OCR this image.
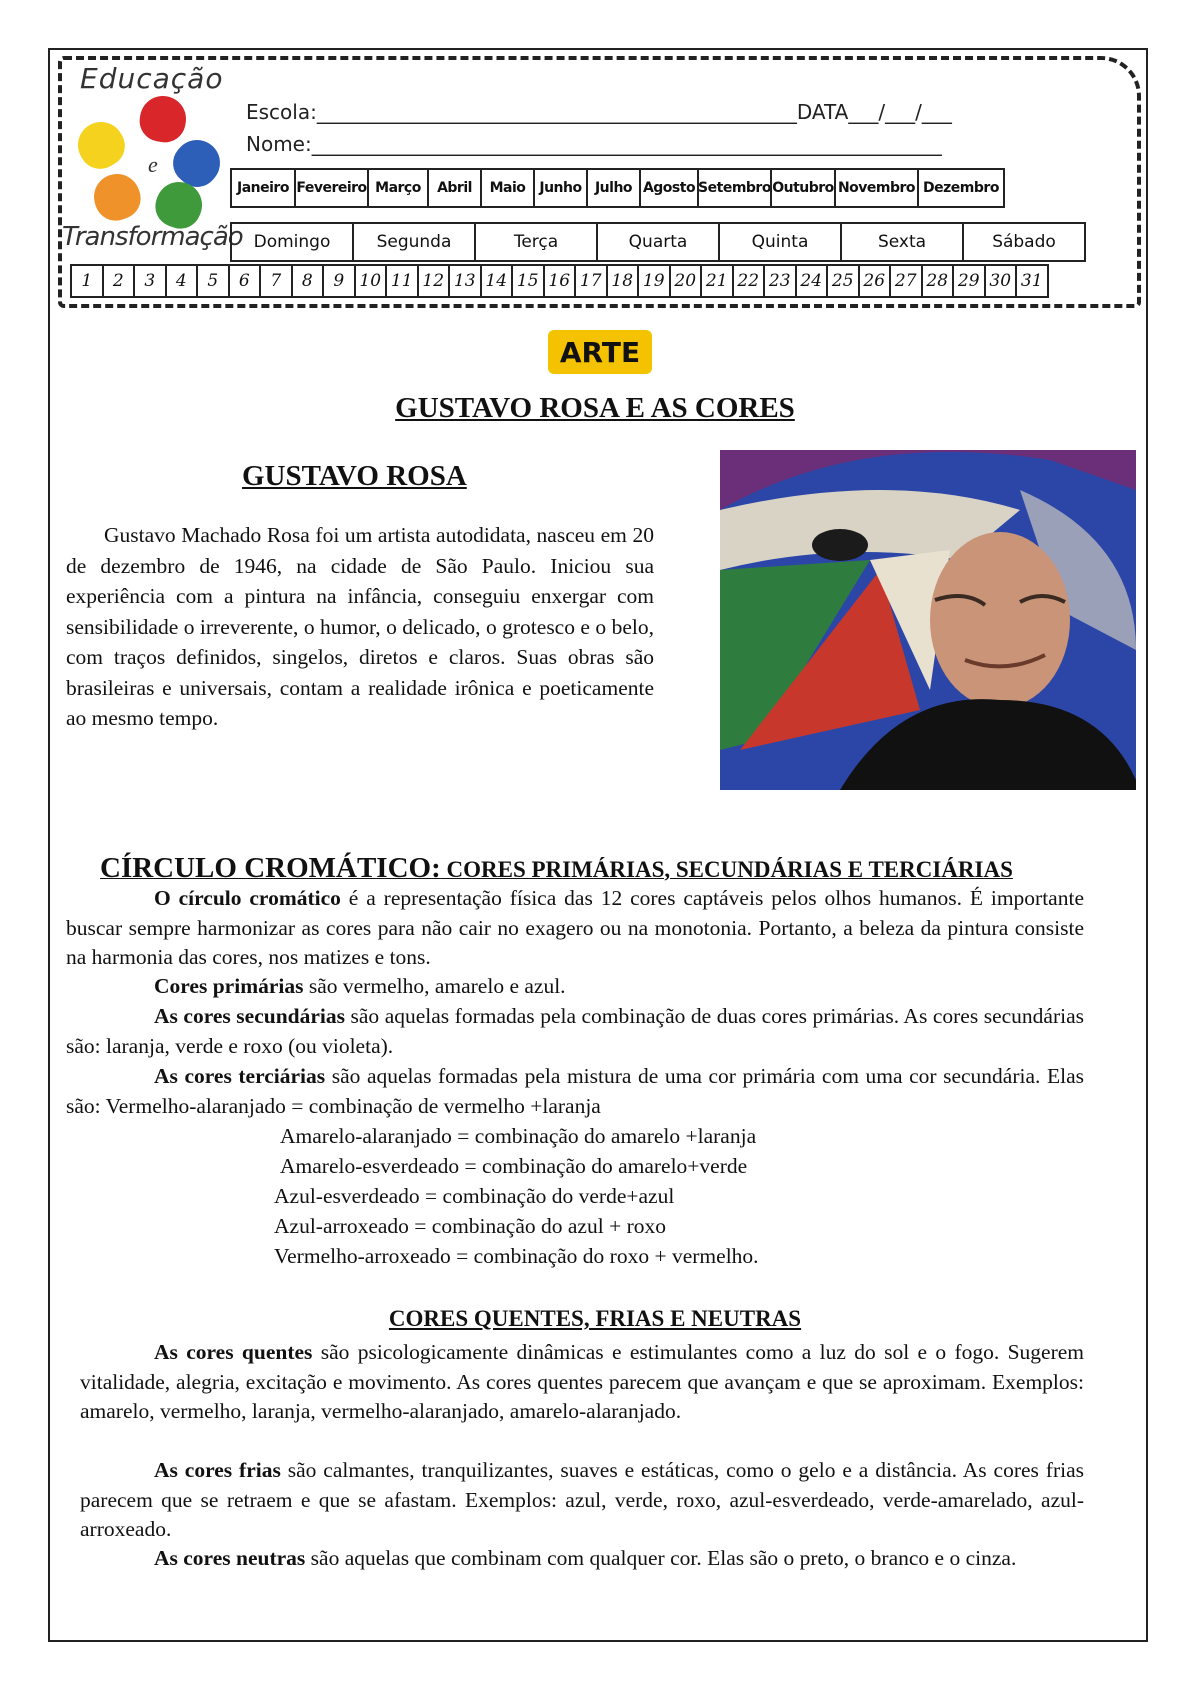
Educação
e
Transformação
Escola:________________________________________________DATA___/___/___
Nome:_______________________________________________________________
Janeiro Fevereiro Março	Abril	Maio Junho Julho Agosto Setembro Outubro Novembro Dezembro
Domingo	Segunda	Terça	Quarta	Quinta	Sexta	Sábado
1	2	3	4	5	6	7	8	9 10 11 12 13 14 15 16 17 18 19 20 21 22 23 24 25 26 27 28 29 30 31
ARTE
GUSTAVO ROSA E AS CORES
GUSTAVO ROSA

Gustavo Machado Rosa foi um artista autodidata, nasceu em 20 de dezembro de 1946, na cidade de São Paulo. Iniciou sua experiência com a pintura na infância, conseguiu enxergar com sensibilidade o irreverente, o humor, o delicado, o grotesco e o belo, com traços definidos, singelos, diretos e claros. Suas obras são brasileiras e universais, contam a realidade irônica e poeticamente ao mesmo tempo.

CÍRCULO CROMÁTICO: CORES PRIMÁRIAS, SECUNDÁRIAS E TERCIÁRIAS

O círculo cromático é a representação física das 12 cores captáveis pelos olhos humanos. É importante buscar sempre harmonizar as cores para não cair no exagero ou na monotonia. Portanto, a beleza da pintura consiste na harmonia das cores, nos matizes e tons.

Cores primárias são vermelho, amarelo e azul.

As cores secundárias são aquelas formadas pela combinação de duas cores primárias. As cores secundárias são: laranja, verde e roxo (ou violeta).

As cores terciárias são aquelas formadas pela mistura de uma cor primária com uma cor secundária. Elas são: Vermelho-alaranjado = combinação de vermelho +laranja

Amarelo-alaranjado = combinação do amarelo +laranja
Amarelo-esverdeado = combinação do amarelo+verde
Azul-esverdeado = combinação do verde+azul
Azul-arroxeado = combinação do azul + roxo
Vermelho-arroxeado = combinação do roxo + vermelho.
CORES QUENTES, FRIAS E NEUTRAS

As cores quentes são psicologicamente dinâmicas e estimulantes como a luz do sol e o fogo. Sugerem vitalidade, alegria, excitação e movimento. As cores quentes parecem que avançam e que se aproximam. Exemplos: amarelo, vermelho, laranja, vermelho-alaranjado, amarelo-alaranjado.

As cores frias são calmantes, tranquilizantes, suaves e estáticas, como o gelo e a distância. As cores frias parecem que se retraem e que se afastam. Exemplos: azul, verde, roxo, azul-esverdeado, verde-amarelado, azul-arroxeado.

As cores neutras são aquelas que combinam com qualquer cor. Elas são o preto, o branco e o cinza.
